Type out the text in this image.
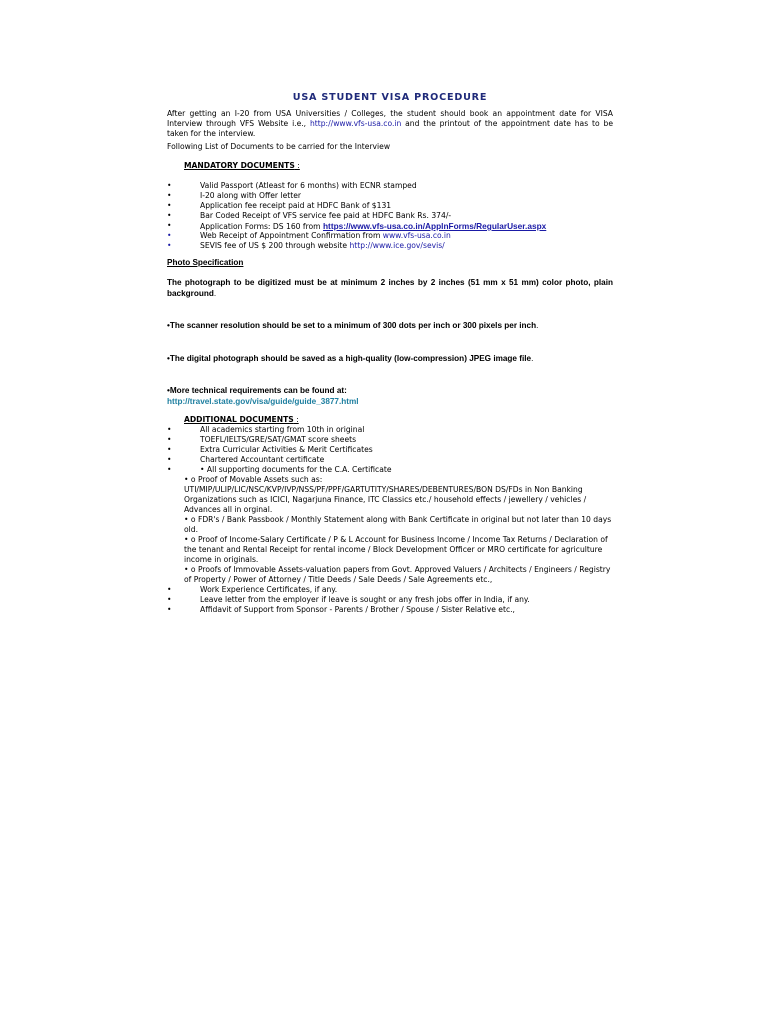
USA STUDENT VISA PROCEDURE

After getting an I-20 from USA Universities / Colleges, the student should book an appointment date for VISA Interview through VFS Website i.e., http://www.vfs-usa.co.in and the printout of the appointment date has to be taken for the interview.

Following List of Documents to be carried for the Interview

MANDATORY DOCUMENTS :
•	Valid Passport (Atleast for 6 months) with ECNR stamped
•	I-20 along with Offer letter
•	Application fee receipt paid at HDFC Bank of $131
•	Bar Coded Receipt of VFS service fee paid at HDFC Bank Rs. 374/-
•	Application Forms: DS 160 from https://www.vfs-usa.co.in/ApplnForms/RegularUser.aspx
•	Web Receipt of Appointment Confirmation from www.vfs-usa.co.in
•	SEVIS fee of US $ 200 through website http://www.ice.gov/sevis/
Photo Specification

The photograph to be digitized must be at minimum 2 inches by 2 inches (51 mm x 51 mm) color photo, plain background.

•The scanner resolution should be set to a minimum of 300 dots per inch or 300 pixels per inch.

•The digital photograph should be saved as a high-quality (low-compression) JPEG image file.

•More technical requirements can be found at:

http://travel.state.gov/visa/guide/guide_3877.html

ADDITIONAL DOCUMENTS :
•	All academics starting from 10th in original
•	TOEFL/IELTS/GRE/SAT/GMAT score sheets
•	Extra Curricular Activities & Merit Certificates
•	Chartered Accountant certificate
•	• All supporting documents for the C.A. Certificate

• o Proof of Movable Assets such as: UTI/MIP/ULIP/LIC/NSC/KVP/IVP/NSS/PF/PPF/GARTUTITY/SHARES/DEBENTURES/BON DS/FDs in Non Banking Organizations such as ICICI, Nagarjuna Finance, ITC Classics etc./ household effects / jewellery / vehicles / Advances all in orginal.

• o FDR's / Bank Passbook / Monthly Statement along with Bank Certificate in original but not later than 10 days old.

• o Proof of Income-Salary Certificate / P & L Account for Business Income / Income Tax Returns / Declaration of the tenant and Rental Receipt for rental income / Block Development Officer or MRO certificate for agriculture income in originals.

• o Proofs of Immovable Assets-valuation papers from Govt. Approved Valuers / Architects / Engineers / Registry of Property / Power of Attorney / Title Deeds / Sale Deeds / Sale Agreements etc.,

•	Work Experience Certificates, if any.
•	Leave letter from the employer if leave is sought or any fresh jobs offer in India, if any.
•	Affidavit of Support from Sponsor - Parents / Brother / Spouse / Sister Relative etc.,
